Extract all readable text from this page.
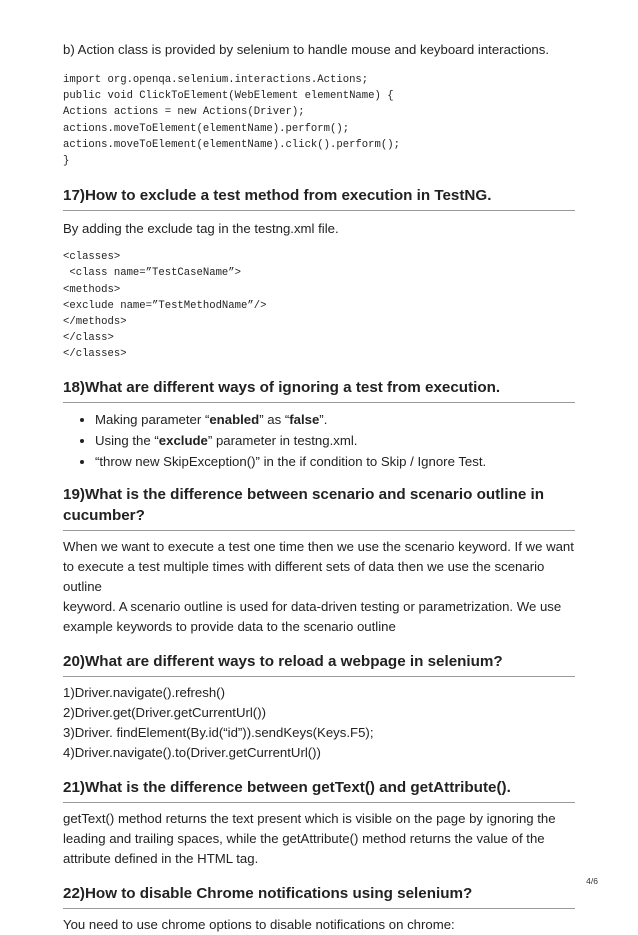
b) Action class is provided by selenium to handle mouse and keyboard interactions.

import org.openqa.selenium.interactions.Actions;

public void ClickToElement(WebElement elementName) {

Actions actions = new Actions(Driver);

actions.moveToElement(elementName).perform();

actions.moveToElement(elementName).click().perform();

}

17)How to exclude a test method from execution in TestNG.

By adding the exclude tag in the testng.xml file.

<classes>

<class name=”TestCaseName”>

<methods>

<exclude name=”TestMethodName”/>

</methods>

</class>

</classes>

18)What are different ways of ignoring a test from execution.
• Making parameter “enabled” as “false”.
• Using the “exclude” parameter in testng.xml.
• “throw new SkipException()” in the if condition to Skip / Ignore Test.
19)What is the difference between scenario and scenario outline in
cucumber?

When we want to execute a test one time then we use the scenario keyword. If we want

to execute a test multiple times with different sets of data then we use the scenario outline

keyword. A scenario outline is used for data-driven testing or parametrization. We use

example keywords to provide data to the scenario outline

20)What are different ways to reload a webpage in selenium?

1)Driver.navigate().refresh()

2)Driver.get(Driver.getCurrentUrl())

3)Driver. findElement(By.id(“id”)).sendKeys(Keys.F5);

4)Driver.navigate().to(Driver.getCurrentUrl())

21)What is the difference between getText() and getAttribute().

getText() method returns the text present which is visible on the page by ignoring the

leading and trailing spaces, while the getAttribute() method returns the value of the

attribute defined in the HTML tag.

22)How to disable Chrome notifications using selenium?

You need to use chrome options to disable notifications on chrome:

4/6
